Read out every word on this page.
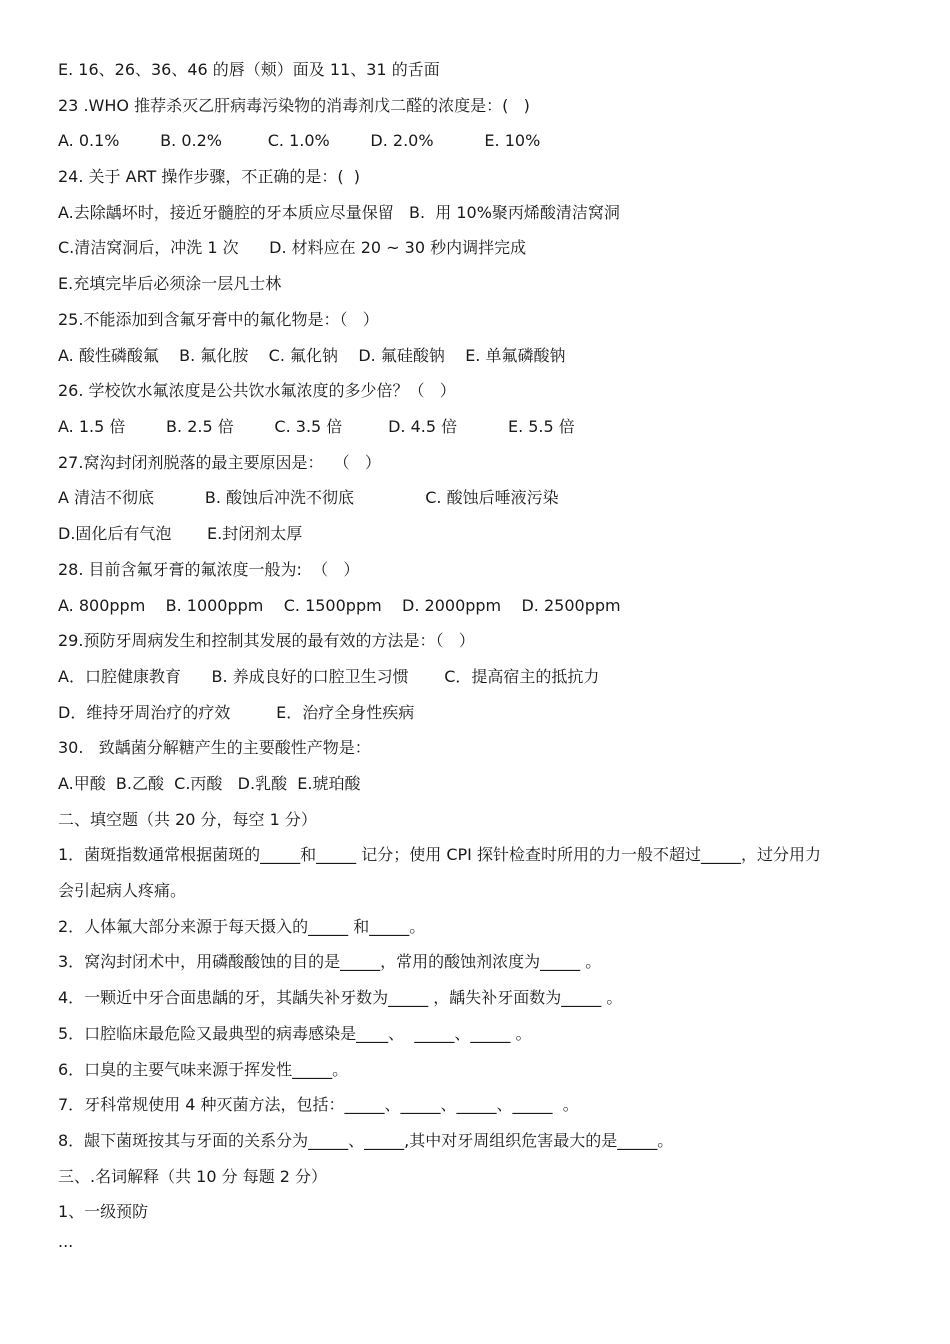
E. 16、26、36、46 的唇（颊）面及 11、31 的舌面
23 .WHO 推荐杀灭乙肝病毒污染物的消毒剂戊二醛的浓度是：(   )
A. 0.1%        B. 0.2%         C. 1.0%        D. 2.0%          E. 10%
24. 关于 ART 操作步骤，不正确的是：(  )
A.去除龋坏时，接近牙髓腔的牙本质应尽量保留   B.  用 10%聚丙烯酸清洁窝洞
C.清洁窝洞后，冲洗 1 次      D. 材料应在 20 ~ 30 秒内调拌完成
E.充填完毕后必须涂一层凡士林
25.不能添加到含氟牙膏中的氟化物是：（   ）
A. 酸性磷酸氟    B. 氟化胺    C. 氟化钠    D. 氟硅酸钠    E. 单氟磷酸钠
26. 学校饮水氟浓度是公共饮水氟浓度的多少倍？（   ）
A. 1.5 倍        B. 2.5 倍        C. 3.5 倍         D. 4.5 倍          E. 5.5 倍
27.窝沟封闭剂脱落的最主要原因是：  （   ）
A 清洁不彻底          B. 酸蚀后冲洗不彻底              C. 酸蚀后唾液污染
D.固化后有气泡       E.封闭剂太厚
28. 目前含氟牙膏的氟浓度一般为:  （   ）
A. 800ppm    B. 1000ppm    C. 1500ppm    D. 2000ppm    D. 2500ppm
29.预防牙周病发生和控制其发展的最有效的方法是：（   ）
A．口腔健康教育      B. 养成良好的口腔卫生习惯       C．提高宿主的抵抗力
D．维持牙周治疗的疗效         E．治疗全身性疾病
30.   致龋菌分解糖产生的主要酸性产物是：
A.甲酸  B.乙酸  C.丙酸   D.乳酸  E.琥珀酸
二、填空题（共 20 分，每空 1 分）
1．菌斑指数通常根据菌斑的_____和_____ 记分；使用 CPI 探针检查时所用的力一般不超过_____，过分用力
会引起病人疼痛。
2．人体氟大部分来源于每天摄入的_____ 和_____。
3．窝沟封闭术中，用磷酸酸蚀的目的是_____，常用的酸蚀剂浓度为_____ 。
4．一颗近中牙合面患龋的牙，其龋失补牙数为_____ ，龋失补牙面数为_____ 。
5．口腔临床最危险又最典型的病毒感染是____、  _____、_____ 。
6．口臭的主要气味来源于挥发性_____。
7．牙科常规使用 4 种灭菌方法，包括：_____、_____、_____、_____  。
8．龈下菌斑按其与牙面的关系分为_____、_____,其中对牙周组织危害最大的是_____。
三、.名词解释（共 10 分 每题 2 分）
1、一级预防
...
